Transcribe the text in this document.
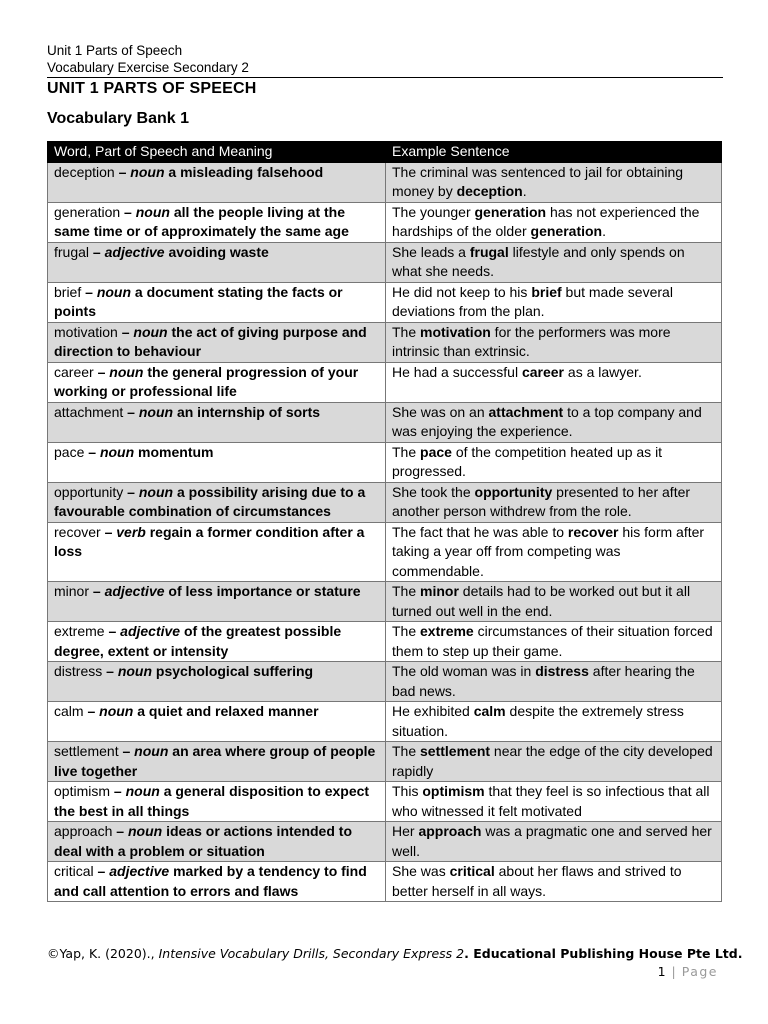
Unit 1 Parts of Speech
Vocabulary Exercise Secondary 2
UNIT 1 PARTS OF SPEECH
Vocabulary Bank 1
Word, Part of Speech and Meaning	Example Sentence
deception – noun a misleading falsehood	The criminal was sentenced to jail for obtaining money by deception.
generation – noun all the people living at the same time or of approximately the same age	The younger generation has not experienced the hardships of the older generation.
frugal – adjective avoiding waste	She leads a frugal lifestyle and only spends on what she needs.
brief – noun a document stating the facts or points	He did not keep to his brief but made several deviations from the plan.
motivation – noun the act of giving purpose and direction to behaviour	The motivation for the performers was more intrinsic than extrinsic.
career – noun the general progression of your working or professional life	He had a successful career as a lawyer.
attachment – noun an internship of sorts	She was on an attachment to a top company and was enjoying the experience.
pace – noun momentum	The pace of the competition heated up as it progressed.
opportunity – noun a possibility arising due to a favourable combination of circumstances	She took the opportunity presented to her after another person withdrew from the role.
recover – verb regain a former condition after a loss	The fact that he was able to recover his form after taking a year off from competing was commendable.
minor – adjective of less importance or stature	The minor details had to be worked out but it all turned out well in the end.
extreme – adjective of the greatest possible degree, extent or intensity	The extreme circumstances of their situation forced them to step up their game.
distress – noun psychological suffering	The old woman was in distress after hearing the bad news.
calm – noun a quiet and relaxed manner	He exhibited calm despite the extremely stress situation.
settlement – noun an area where group of people live together	The settlement near the edge of the city developed rapidly
optimism – noun a general disposition to expect the best in all things	This optimism that they feel is so infectious that all who witnessed it felt motivated
approach – noun ideas or actions intended to deal with a problem or situation	Her approach was a pragmatic one and served her well.
critical – adjective marked by a tendency to find and call attention to errors and flaws	She was critical about her flaws and strived to better herself in all ways.
©Yap, K. (2020)., Intensive Vocabulary Drills, Secondary Express 2. Educational Publishing House Pte Ltd.
1 | Page
